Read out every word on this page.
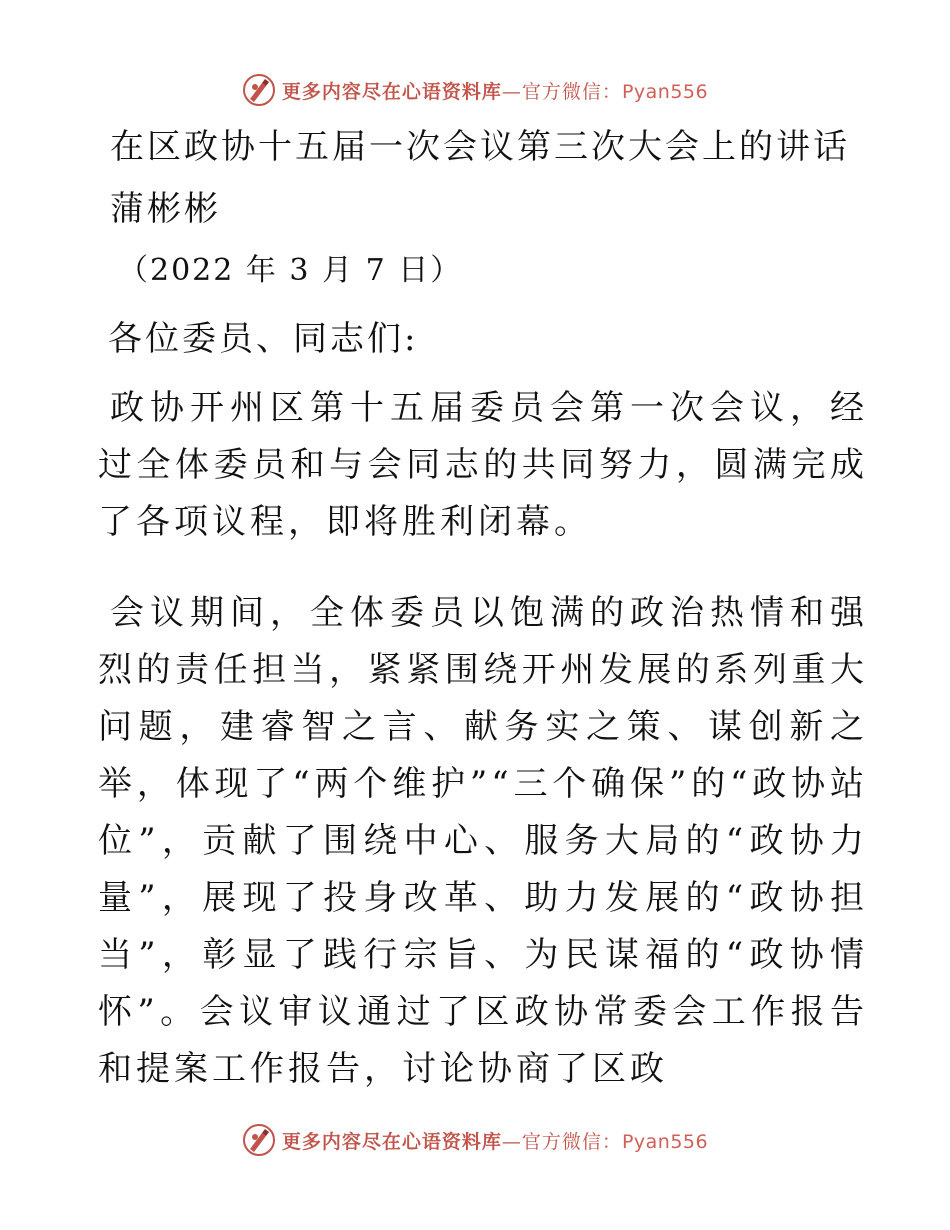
更多内容尽在心语资料库—官方微信：Pyan556

在区政协十五届一次会议第三次大会上的讲话

蒲彬彬

（2022 年 3 月 7 日）

各位委员、同志们:

政协开州区第十五届委员会第一次会议，经过全体委员和与会同志的共同努力，圆满完成了各项议程，即将胜利闭幕。

会议期间，全体委员以饱满的政治热情和强烈的责任担当，紧紧围绕开州发展的系列重大问题，建睿智之言、献务实之策、谋创新之举，体现了“两个维护”“三个确保”的“政协站位”，贡献了围绕中心、服务大局的“政协力量”，展现了投身改革、助力发展的“政协担当”，彰显了践行宗旨、为民谋福的“政协情怀”。会议审议通过了区政协常委会工作报告和提案工作报告，讨论协商了区政

更多内容尽在心语资料库—官方微信：Pyan556
